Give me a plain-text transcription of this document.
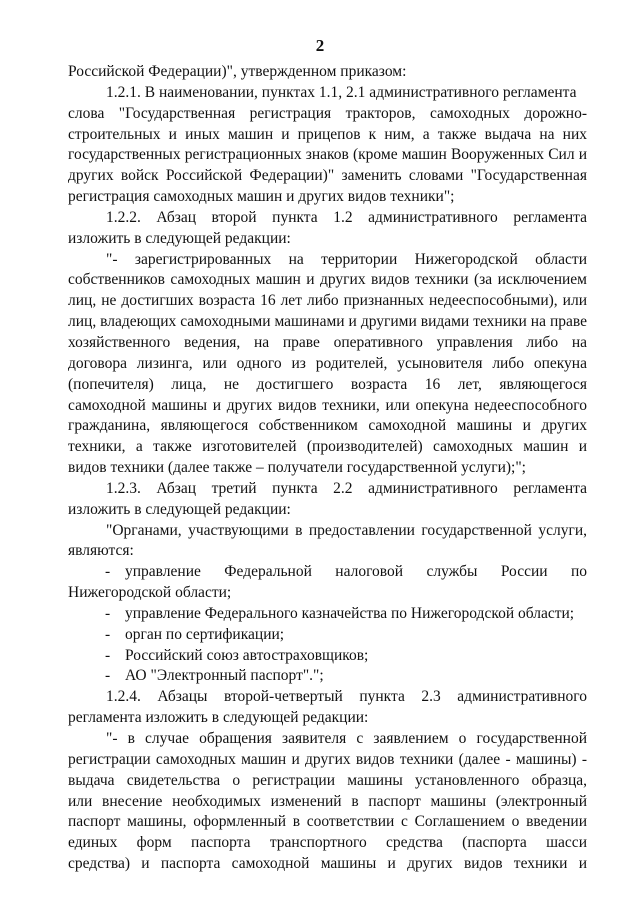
2
Российской Федерации)", утвержденном приказом:
1.2.1. В наименовании, пунктах 1.1, 2.1 административного регламента
слова "Государственная регистрация тракторов, самоходных дорожно-
строительных и иных машин и прицепов к ним, а также выдача на них
государственных регистрационных знаков (кроме машин Вооруженных Сил и
других войск Российской Федерации)" заменить словами "Государственная
регистрация самоходных машин и других видов техники";
1.2.2. Абзац второй пункта 1.2 административного регламента
изложить в следующей редакции:
"- зарегистрированных на территории Нижегородской области
собственников самоходных машин и других видов техники (за исключением
лиц, не достигших возраста 16 лет либо признанных недееспособными), или
лиц, владеющих самоходными машинами и другими видами техники на праве
хозяйственного ведения, на праве оперативного управления либо на
договора лизинга, или одного из родителей, усыновителя либо опекуна
(попечителя) лица, не достигшего возраста 16 лет, являющегося
самоходной машины и других видов техники, или опекуна недееспособного
гражданина, являющегося собственником самоходной машины и других
техники, а также изготовителей (производителей) самоходных машин и
видов техники (далее также – получатели государственной услуги);";
1.2.3. Абзац третий пункта 2.2 административного регламента
изложить в следующей редакции:
"Органами, участвующими в предоставлении государственной услуги,
являются:
- управление Федеральной налоговой службы России по
Нижегородской области;
- управление Федерального казначейства по Нижегородской области;
- орган по сертификации;
- Российский союз автостраховщиков;
- АО "Электронный паспорт".";
1.2.4. Абзацы второй-четвертый пункта 2.3 административного
регламента изложить в следующей редакции:
"- в случае обращения заявителя с заявлением о государственной
регистрации самоходных машин и других видов техники (далее - машины) -
выдача свидетельства о регистрации машины установленного образца,
или внесение необходимых изменений в паспорт машины (электронный
паспорт машины, оформленный в соответствии с Соглашением о введении
единых форм паспорта транспортного средства (паспорта шасси
средства) и паспорта самоходной машины и других видов техники и
